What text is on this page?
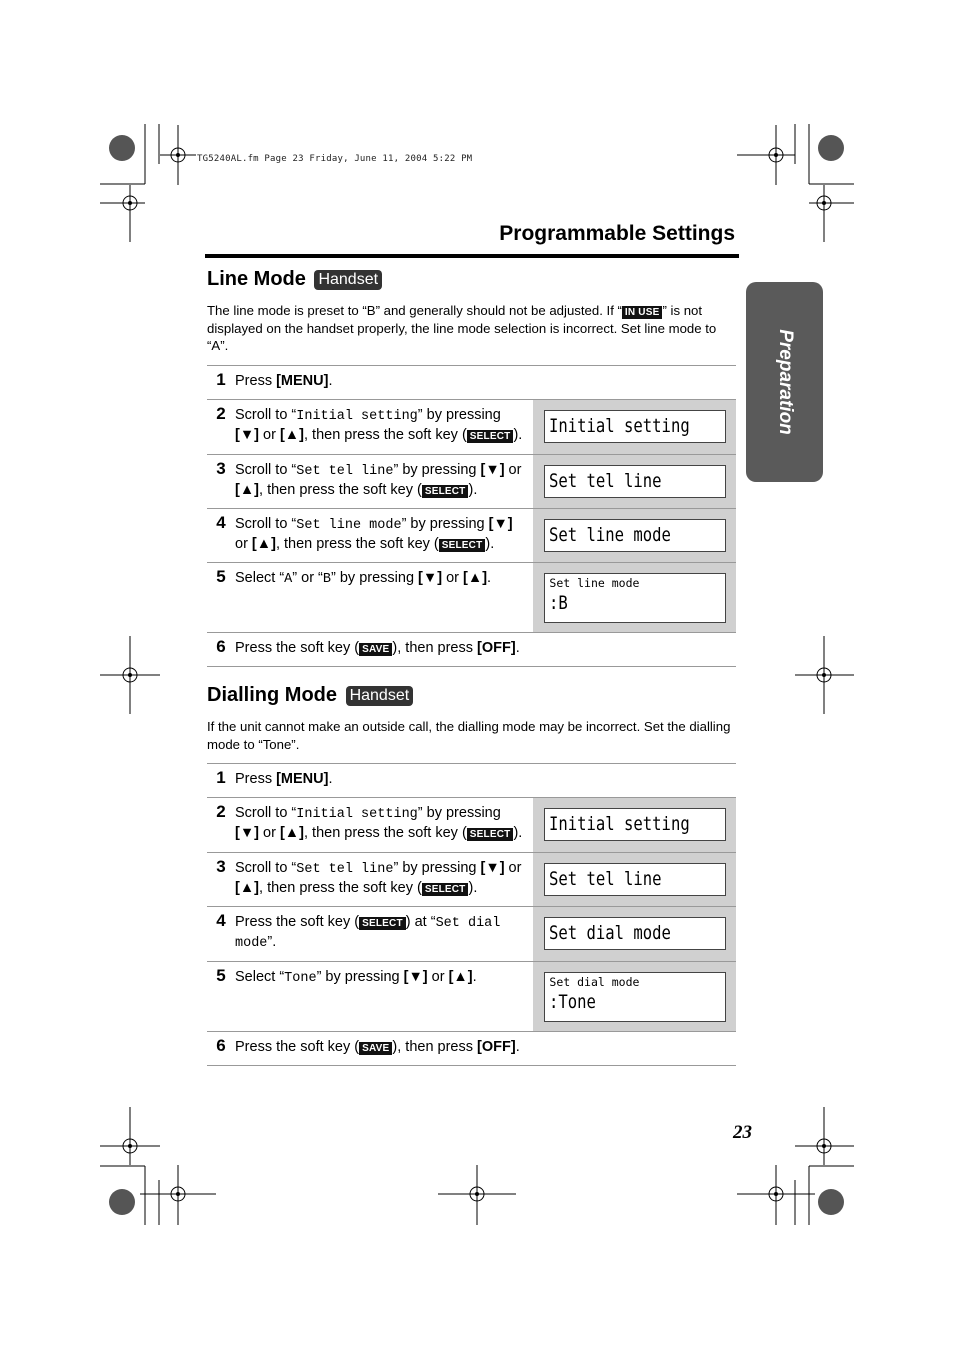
TG5240AL.fm Page 23 Friday, June 11, 2004 5:22 PM
Programmable Settings
Preparation
Line Mode Handset
The line mode is preset to “B” and generally should not be adjusted. If “ IN USE ” is not displayed on the handset properly, the line mode selection is incorrect. Set line mode to “A”.
1	Press [MENU].	
2	Scroll to “Initial setting” by pressing [▼] or [▲], then press the soft key ( SELECT ).	Initial setting

3	Scroll to “Set tel line” by pressing [▼] or [▲], then press the soft key ( SELECT ).	Set tel line

4	Scroll to “Set line mode” by pressing [▼] or [▲], then press the soft key ( SELECT ).	Set line mode

5	Select “A” or “B” by pressing [▼] or [▲].	Set line mode
:B

6	Press the soft key ( SAVE ), then press [OFF].	
Dialling Mode Handset
If the unit cannot make an outside call, the dialling mode may be incorrect. Set the dialling mode to “Tone”.
1	Press [MENU].	
2	Scroll to “Initial setting” by pressing [▼] or [▲], then press the soft key ( SELECT ).	Initial setting

3	Scroll to “Set tel line” by pressing [▼] or [▲], then press the soft key ( SELECT ).	Set tel line

4	Press the soft key ( SELECT ) at “Set dial mode”.	Set dial mode

5	Select “Tone” by pressing [▼] or [▲].	Set dial mode
:Tone

6	Press the soft key ( SAVE ), then press [OFF].	
23
